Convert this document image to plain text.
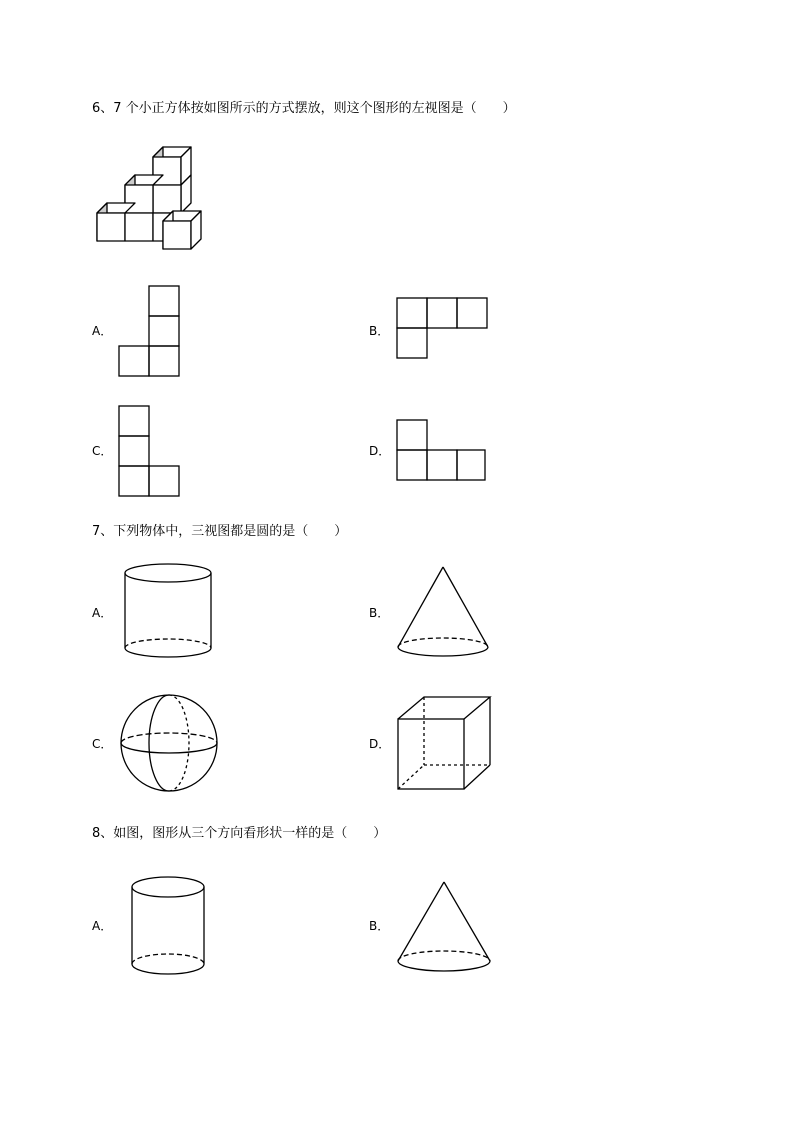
6、7 个小正方体按如图所示的方式摆放，则这个图形的左视图是（　　）
A．	B．
C．	D．
7、下列物体中，三视图都是圆的是（　　）
A．	B．
C．	D．
8、如图，图形从三个方向看形状一样的是（　　）
A．	B．
